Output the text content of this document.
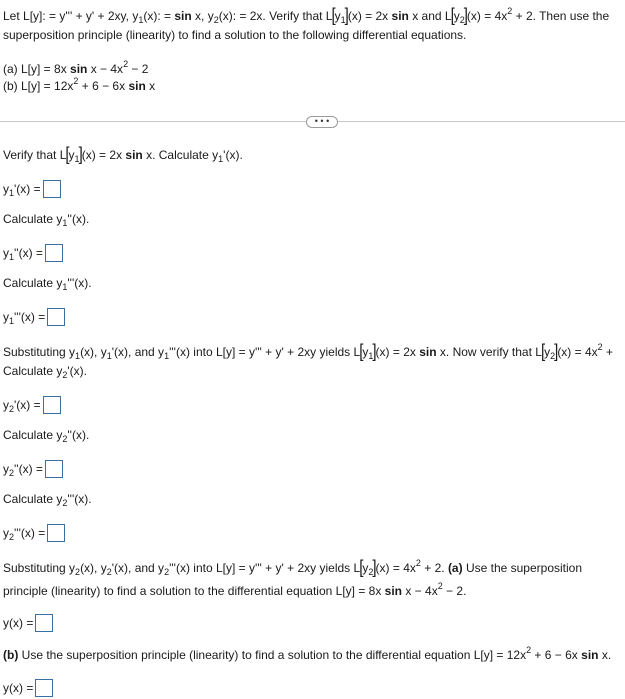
Let L[y]: = y''' + y' + 2xy, $y_1(x)$: = sin x, $y_2(x)$: = 2x. Verify that $L[y_1](x) = 2x$ sin x and $L[y_2](x) = 4x^2 + 2$. Then use the
superposition principle (linearity) to find a solution to the following differential equations.
(a) L[y] = 8x $\sin x - 4x^2 - 2$
(b) $L[y] = 12x^2 + 6 - 6x$ sin x
• • •
Verify that $L[y_1](x) = 2x$ sin x. Calculate $y_1'(x)$.
$y_1'(x)$ =
Calculate $y_1''(x)$.
$y_1''(x)$ =
Calculate $y_1'''(x)$.
$y_1'''(x)$ =
Substituting $y_1(x)$, $y_1'(x)$, and $y_1'''(x)$ into L[y] = y''' + y' + 2xy yields $L[y_1](x) = 2x$ sin x. Now verify that $L[y_2](x) = 4x^2$ +
Calculate $y_2'(x)$.
$y_2'(x)$ =
Calculate $y_2''(x)$.
$y_2''(x)$ =
Calculate $y_2'''(x)$.
$y_2'''(x)$ =
Substituting $y_2(x)$, $y_2'(x)$, and $y_2'''(x)$ into L[y] = y''' + y' + 2xy yields $L[y_2](x) = 4x^2 + 2$. (a) Use the superposition
principle (linearity) to find a solution to the differential equation L[y] = 8x $\sin x - 4x^2 - 2$.
y(x) =
(b) Use the superposition principle (linearity) to find a solution to the differential equation $L[y] = 12x^2 + 6 - 6x$ sin x.
y(x) =
